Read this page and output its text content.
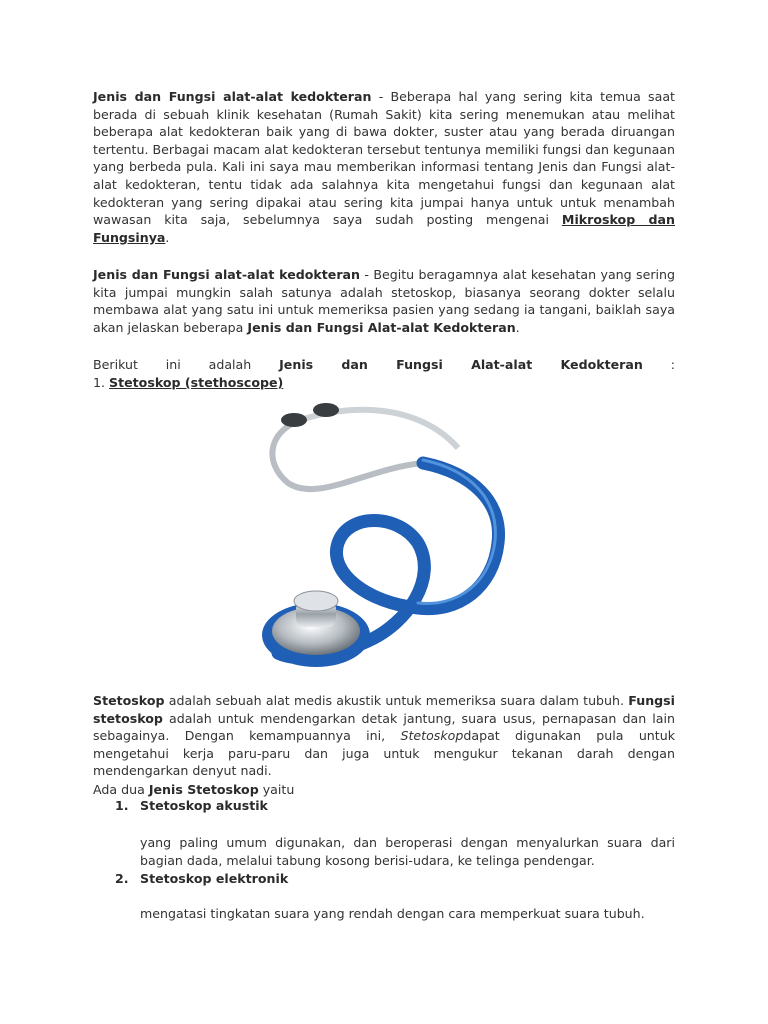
Jenis dan Fungsi alat-alat kedokteran - Beberapa hal yang sering kita temua saat berada di sebuah klinik kesehatan (Rumah Sakit) kita sering menemukan atau melihat beberapa alat kedokteran baik yang di bawa dokter, suster atau yang berada diruangan tertentu. Berbagai macam alat kedokteran tersebut tentunya memiliki fungsi dan kegunaan yang berbeda pula. Kali ini saya mau memberikan informasi tentang Jenis dan Fungsi alat-alat kedokteran, tentu tidak ada salahnya kita mengetahui fungsi dan kegunaan alat kedokteran yang sering dipakai atau sering kita jumpai hanya untuk untuk menambah wawasan kita saja, sebelumnya saya sudah posting mengenai Mikroskop dan Fungsinya.

Jenis dan Fungsi alat-alat kedokteran - Begitu beragamnya alat kesehatan yang sering kita jumpai mungkin salah satunya adalah stetoskop, biasanya seorang dokter selalu membawa alat yang satu ini untuk memeriksa pasien yang sedang ia tangani, baiklah saya akan jelaskan beberapa Jenis dan Fungsi Alat-alat Kedokteran.

Berikut ini adalah Jenis dan Fungsi Alat-alat Kedokteran :

1. Stetoskop (stethoscope)

Stetoskop adalah sebuah alat medis akustik untuk memeriksa suara dalam tubuh. Fungsi stetoskop adalah untuk mendengarkan detak jantung, suara usus, pernapasan dan lain sebagainya. Dengan kemampuannya ini, Stetoskopdapat digunakan pula untuk mengetahui kerja paru-paru dan juga untuk mengukur tekanan darah dengan mendengarkan denyut nadi.

Ada dua Jenis Stetoskop yaitu

1. Stetoskop akustik

yang paling umum digunakan, dan beroperasi dengan menyalurkan suara dari bagian dada, melalui tabung kosong berisi-udara, ke telinga pendengar.

2. Stetoskop elektronik

mengatasi tingkatan suara yang rendah dengan cara memperkuat suara tubuh.
